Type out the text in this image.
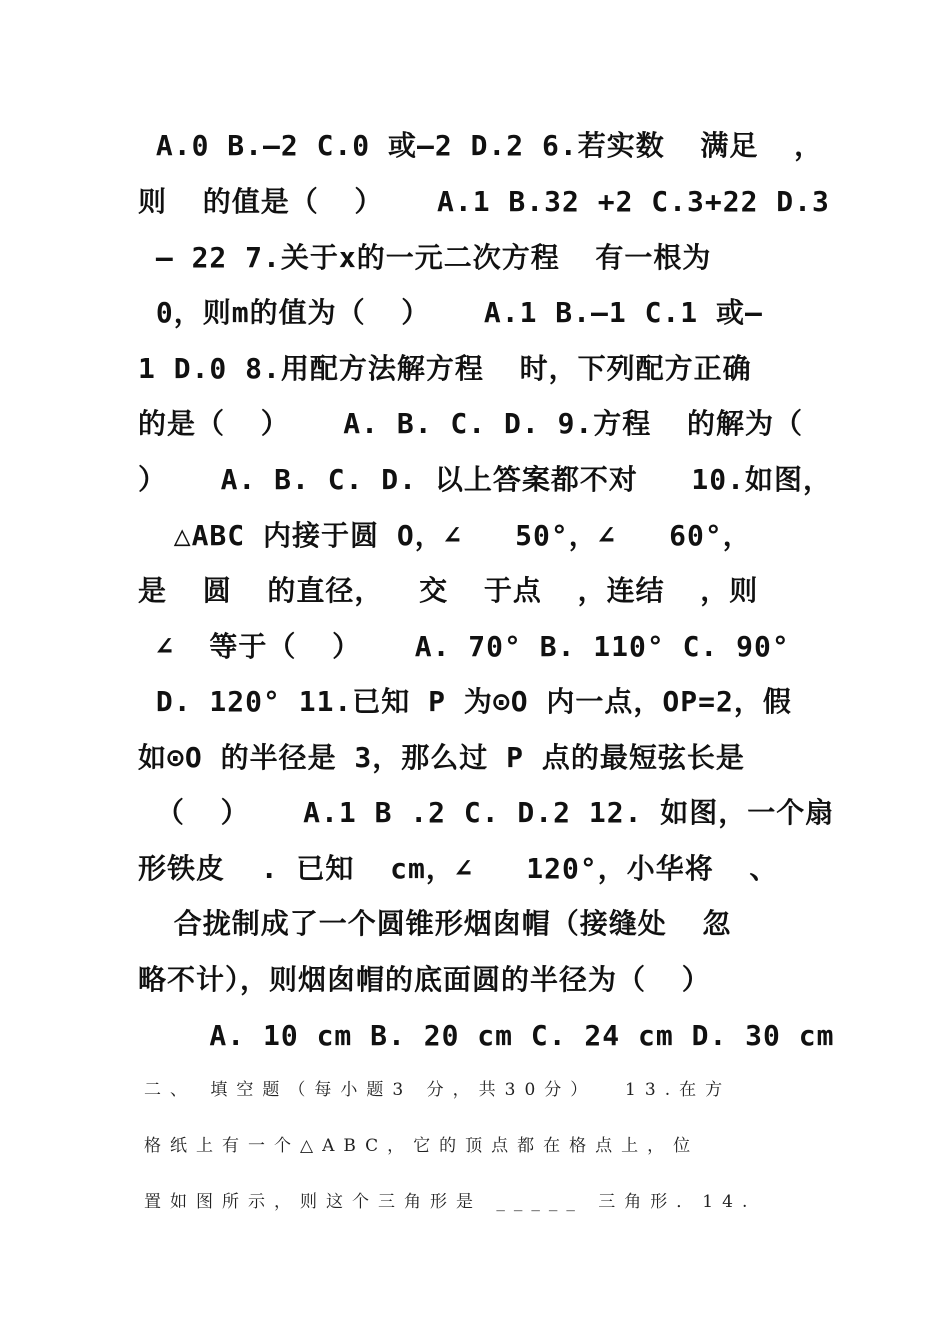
A.0 B.—2 C.0 或—2 D.2 6.若实数  满足  ，
则  的值是（  ）   A.1 B.32 +2 C.3+22 D.3
— 22 7.关于x的一元二次方程  有一根为
0，则m的值为（  ）   A.1 B.—1 C.1 或—
1 D.0 8.用配方法解方程  时，下列配方正确
的是（  ）   A. B. C. D. 9.方程  的解为（
）   A. B. C. D. 以上答案都不对   10.如图，
△ABC 内接于圆 O，∠   50°，∠   60°，
是  圆  的直径，  交  于点  ，连结  ，则
∠  等于（  ）   A. 70° B. 110° C. 90°
D. 120° 11.已知 P 为⊙O 内一点，OP=2，假
如⊙O 的半径是 3，那么过 P 点的最短弦长是
（  ）   A.1 B .2 C. D.2 12. 如图，一个扇
形铁皮  . 已知  cm，∠   120°，小华将  、
合拢制成了一个圆锥形烟囱帽（接缝处  忽
略不计），则烟囱帽的底面圆的半径为（  ）
A. 10 cm B. 20 cm C. 24 cm D. 30 cm
二、 填空题（每小题3 分，共30分）  13.在方
格纸上有一个△ABC，它的顶点都在格点上，位
置如图所示，则这个三角形是 _____ 三角形．14.
